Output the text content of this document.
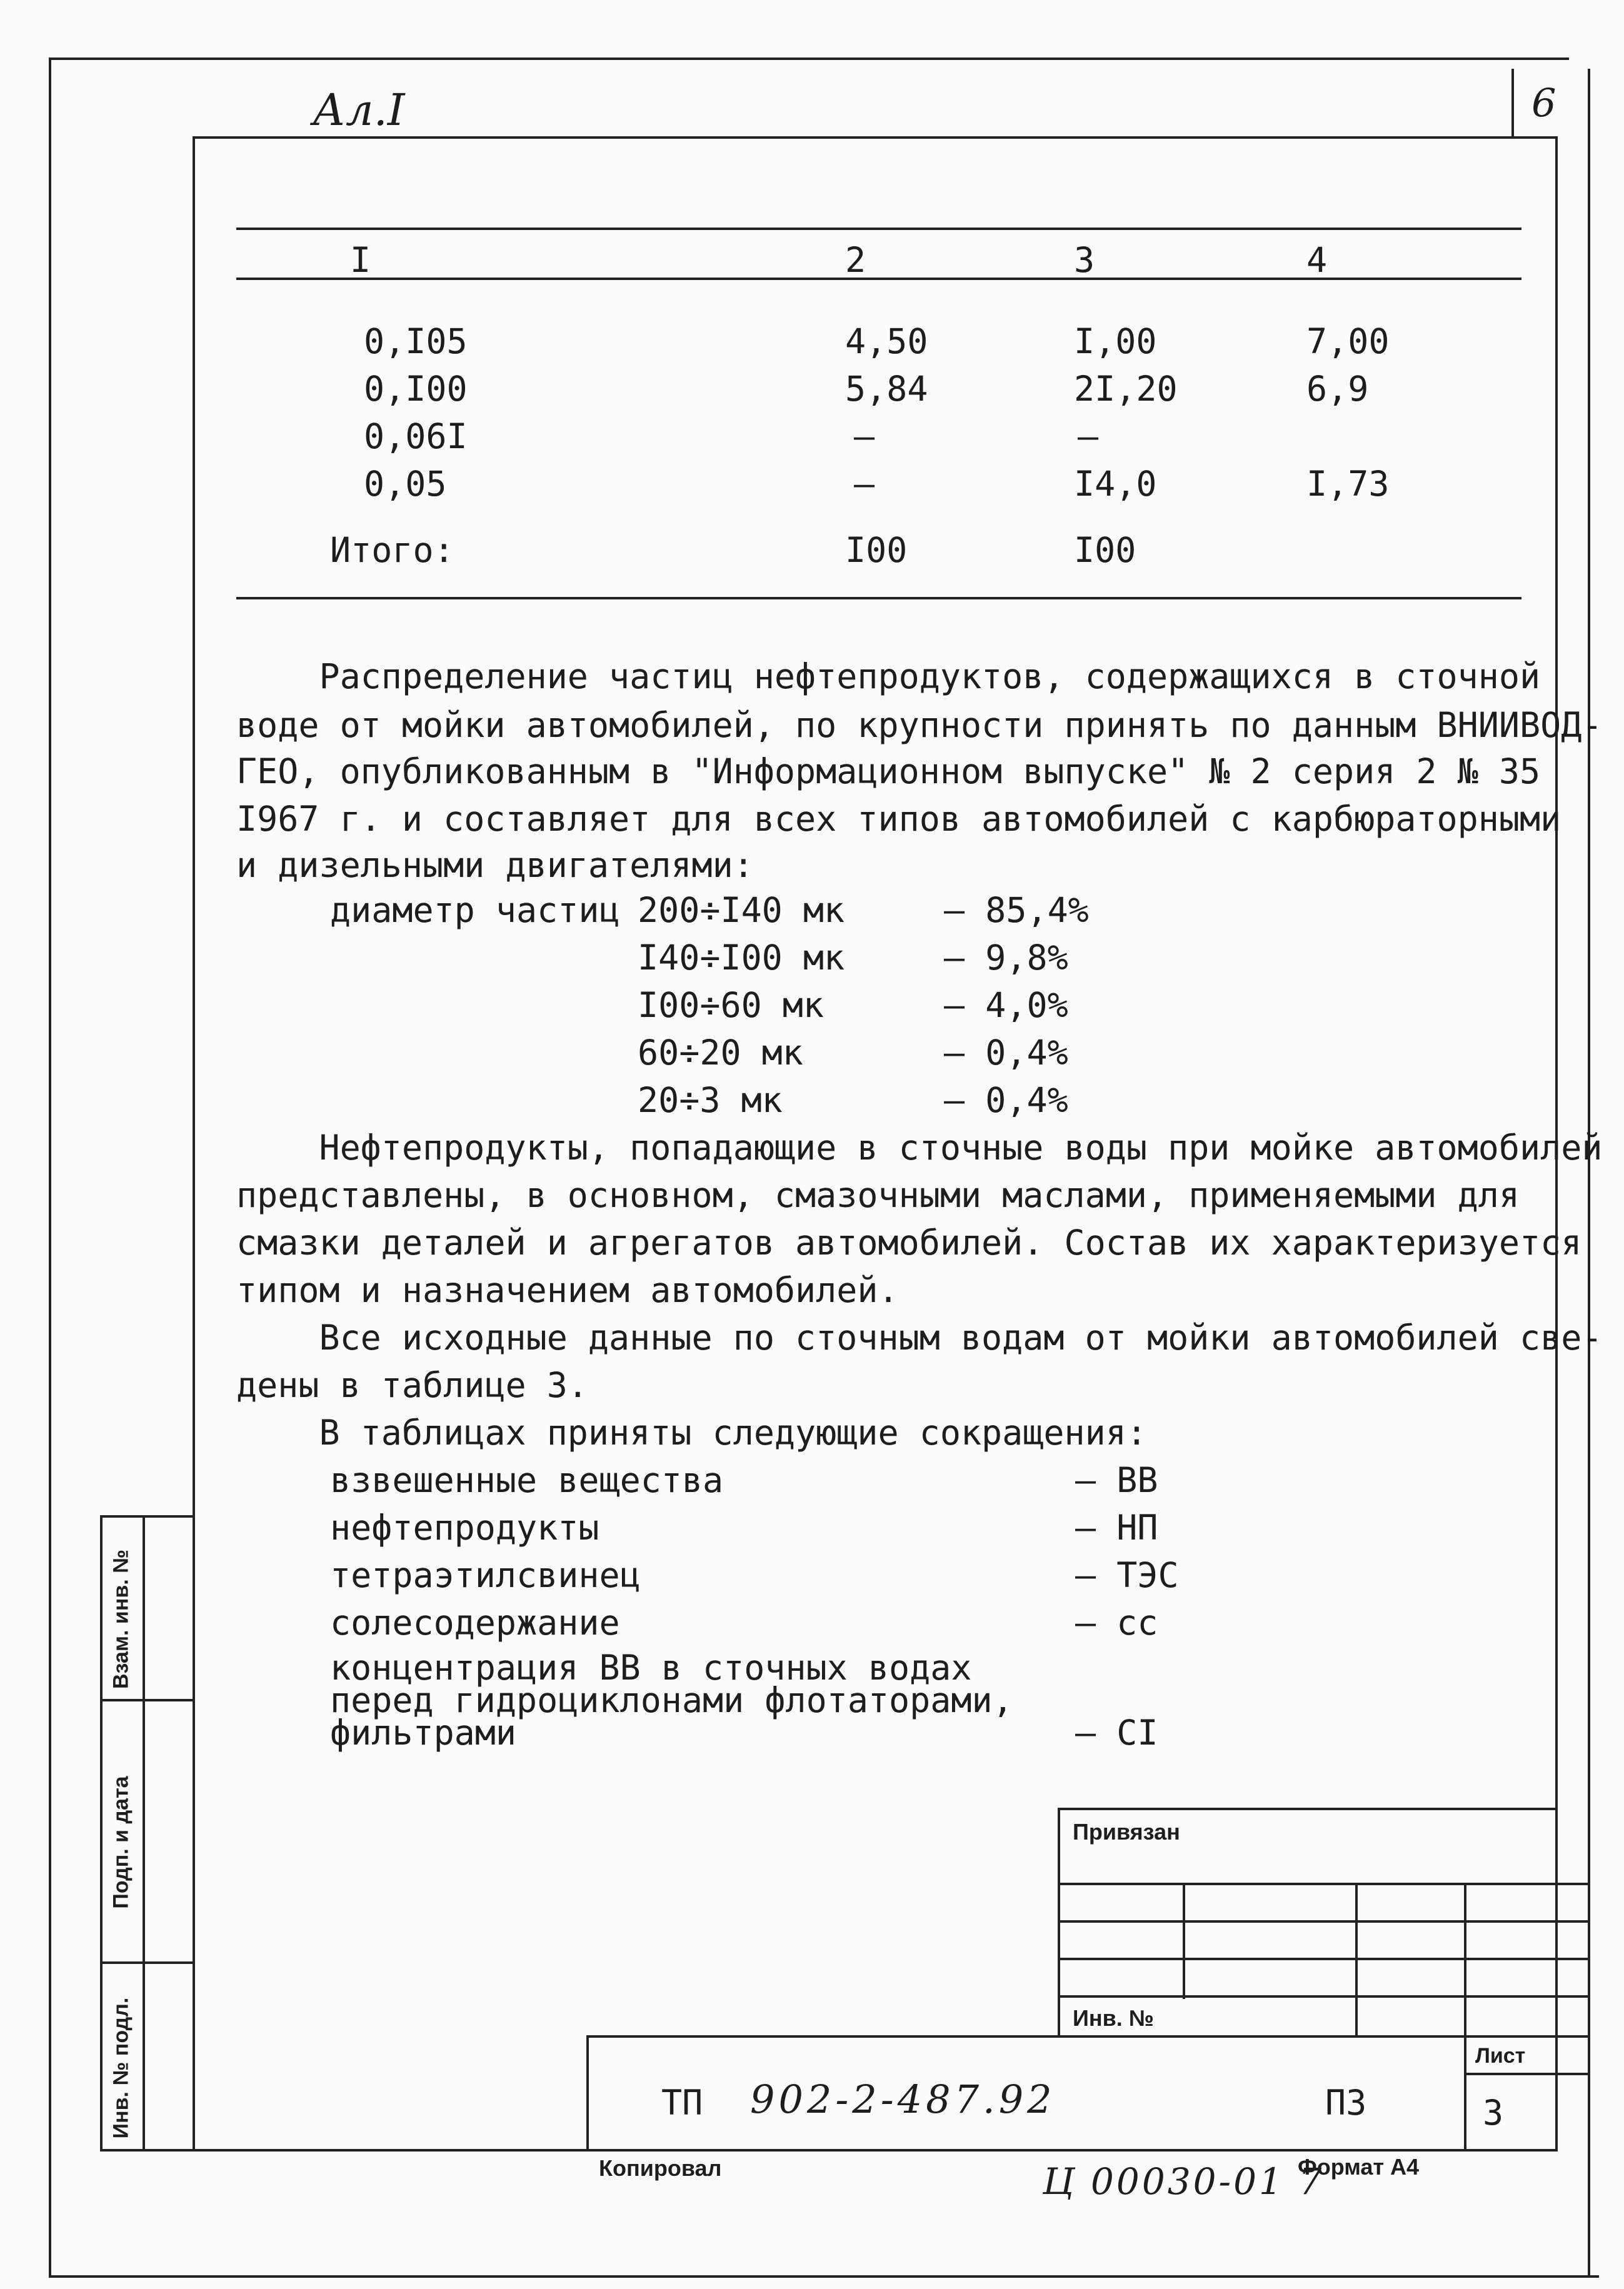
6
Ал.I
I	2	3	4
0,I05	4,50	I,00	7,00
0,I00	5,84	2I,20	6,9
0,06I	–	–
0,05	–	I4,0	I,73
Итого:	I00	I00
Распределение частиц нефтепродуктов, содержащихся в сточной
воде от мойки автомобилей, по крупности принять по данным ВНИИВОД-
ГЕО, опубликованным в "Информационном выпуске" № 2 серия 2 № 35
I967 г. и составляет для всех типов автомобилей с карбюраторными
и дизельными двигателями:
диаметр частиц 200÷I40 мк	– 85,4%
I40÷I00 мк	– 9,8%
I00÷60 мк	– 4,0%
60÷20 мк	– 0,4%
20÷3 мк	– 0,4%
Нефтепродукты, попадающие в сточные воды при мойке автомобилей
представлены, в основном, смазочными маслами, применяемыми для
смазки деталей и агрегатов автомобилей. Состав их характеризуется
типом и назначением автомобилей.
Все исходные данные по сточным водам от мойки автомобилей све-
дены в таблице 3.
В таблицах приняты следующие сокращения:
взвешенные вещества	– ВВ
нефтепродукты	– НП
тетраэтилсвинец	– ТЭС
солесодержание	– сс
концентрация ВВ в сточных водах
перед гидроциклонами флотаторами,
фильтрами	– CI
Взам. инв. №
Подп. и дата
Инв. № подл.
Привязан
Инв. №
Лист
3
ТП 902-2-487.92	ПЗ
Копировал	Ц 00030-01 7
Формат А4
